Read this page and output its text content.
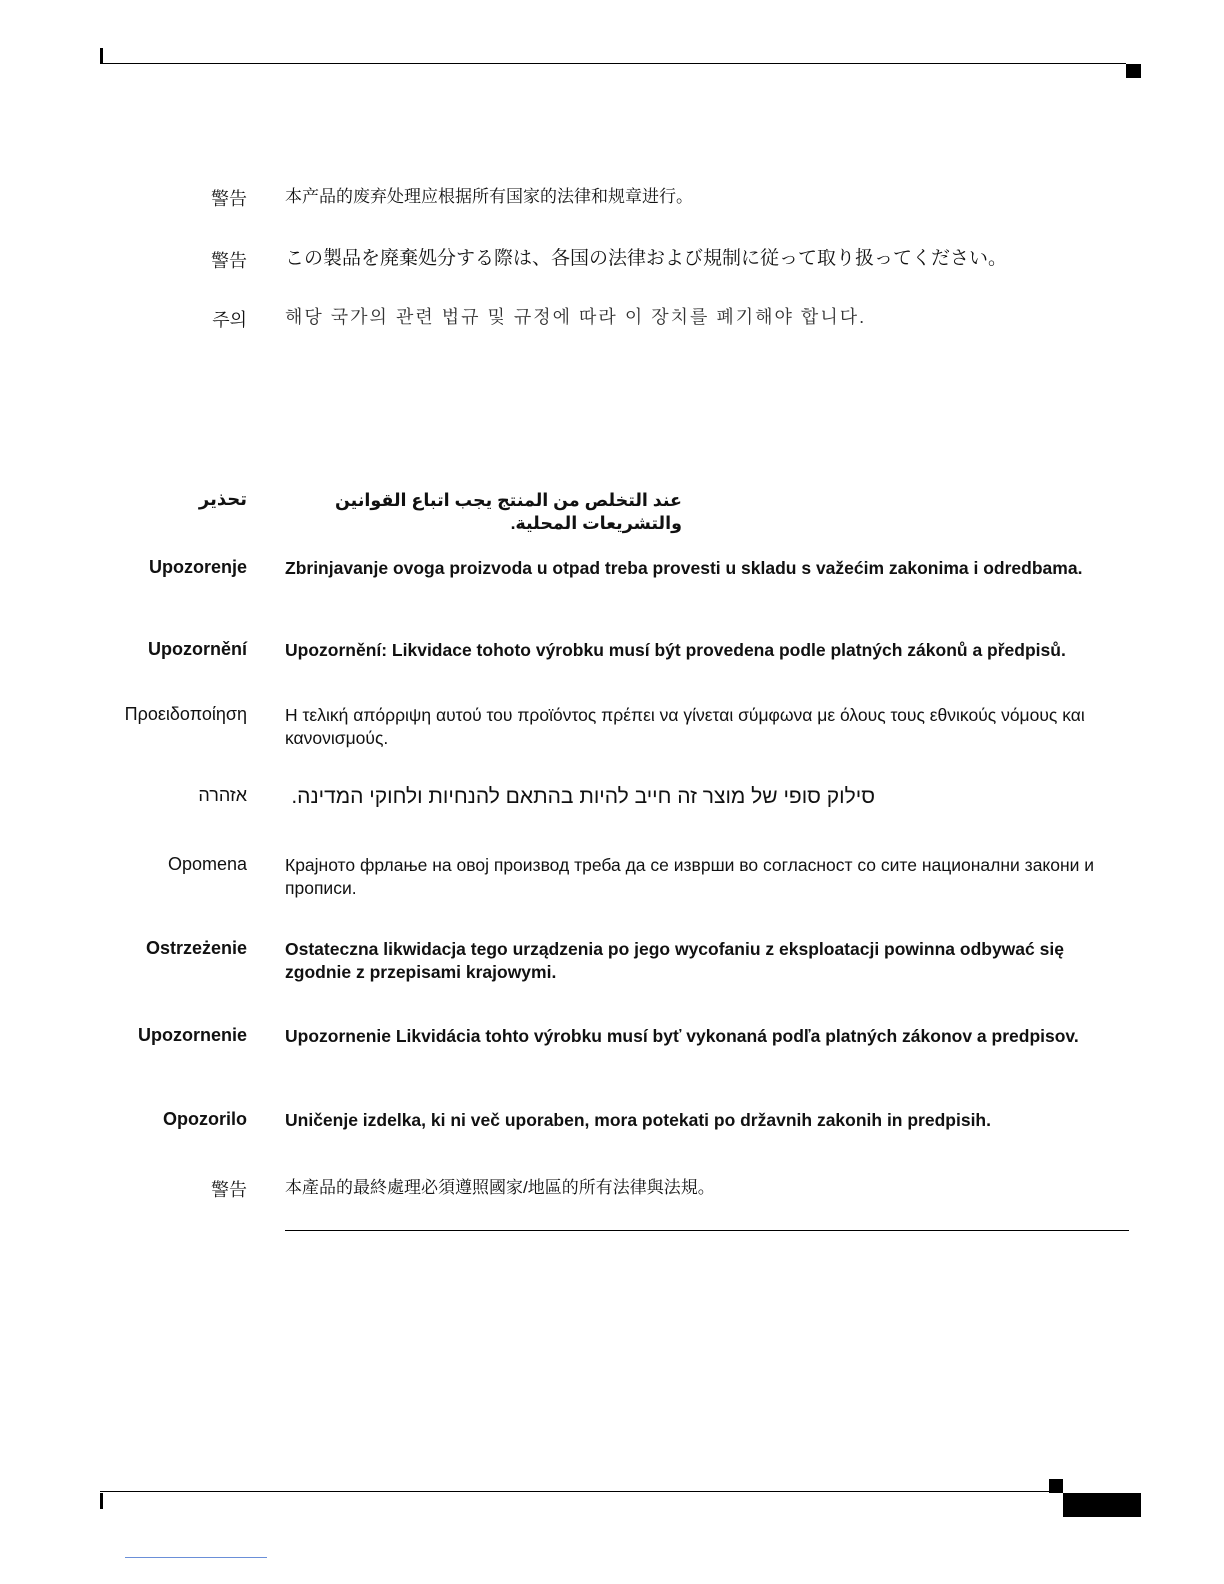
警告 本产品的废弃处理应根据所有国家的法律和规章进行。
警告 この製品を廃棄処分する際は、各国の法律および規制に従って取り扱ってください。
주의 해당 국가의 관련 법규 및 규정에 따라 이 장치를 폐기해야 합니다.
تحذير	عند التخلص من المنتج يجب اتباع القوانين والتشريعات المحلية.
Upozorenje Zbrinjavanje ovoga proizvoda u otpad treba provesti u skladu s važećim zakonima i odredbama.
Upozornění Upozornění: Likvidace tohoto výrobku musí být provedena podle platných zákonů a předpisů.
Προειδοποίηση Η τελική απόρριψη αυτού του προϊόντος πρέπει να γίνεται σύμφωνα με όλους τους εθνικούς νόμους και κανονισμούς.
אזהרה	סילוק סופי של מוצר זה חייב להיות בהתאם להנחיות ולחוקי המדינה.
Opomena Крајното фрлање на овој производ треба да се изврши во согласност со сите национални закони и прописи.
Ostrzeżenie Ostateczna likwidacja tego urządzenia po jego wycofaniu z eksploatacji powinna odbywać się zgodnie z przepisami krajowymi.
Upozornenie Upozornenie Likvidácia tohto výrobku musí byť vykonaná podľa platných zákonov a predpisov.
Opozorilo Uničenje izdelka, ki ni več uporaben, mora potekati po državnih zakonih in predpisih.
警告 本產品的最終處理必須遵照國家/地區的所有法律與法規。
